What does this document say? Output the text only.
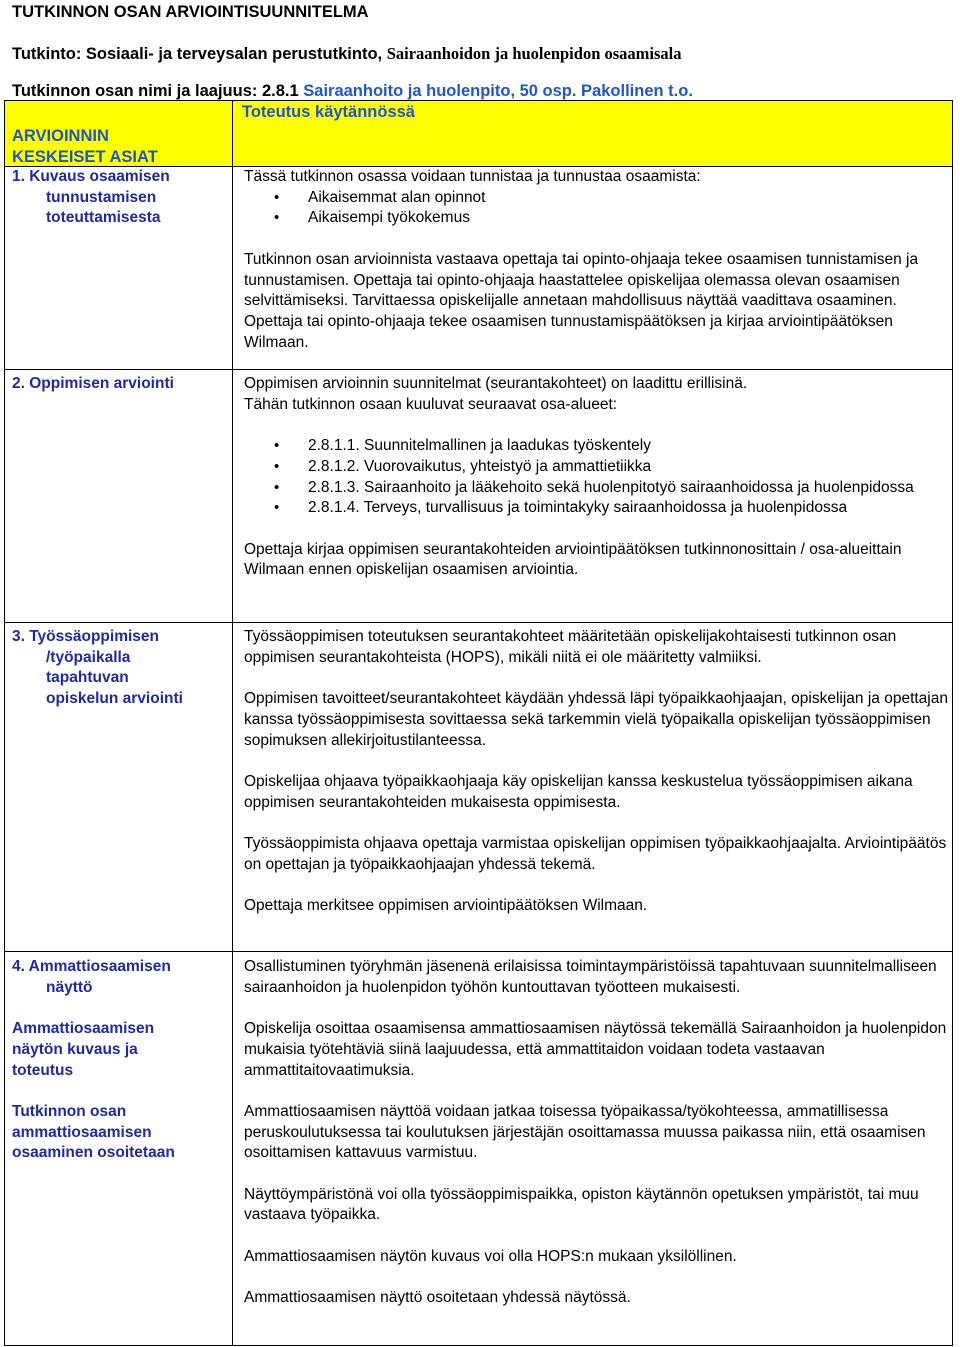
TUTKINNON OSAN ARVIOINTISUUNNITELMA
Tutkinto: Sosiaali- ja terveysalan perustutkinto, Sairaanhoidon ja huolenpidon osaamisala
Tutkinnon osan nimi ja laajuus: 2.8.1 Sairaanhoito ja huolenpito, 50 osp. Pakollinen t.o.
ARVIOINNIN
KESKEISET ASIAT
Toteutus käytännössä
1. Kuvaus osaamisen
tunnustamisen
toteuttamisesta
Tässä tutkinnon osassa voidaan tunnistaa ja tunnustaa osaamista:
• Aikaisemmat alan opinnot
• Aikaisempi työkokemus
Tutkinnon osan arvioinnista vastaava opettaja tai opinto-ohjaaja tekee osaamisen tunnistamisen ja tunnustamisen. Opettaja tai opinto-ohjaaja haastattelee opiskelijaa olemassa olevan osaamisen selvittämiseksi. Tarvittaessa opiskelijalle annetaan mahdollisuus näyttää vaadittava osaaminen. Opettaja tai opinto-ohjaaja tekee osaamisen tunnustamispäätöksen ja kirjaa arviointipäätöksen Wilmaan.
2. Oppimisen arviointi	Oppimisen arvioinnin suunnitelmat (seurantakohteet) on laadittu erillisinä.
Tähän tutkinnon osaan kuuluvat seuraavat osa-alueet:
• 2.8.1.1. Suunnitelmallinen ja laadukas työskentely
• 2.8.1.2. Vuorovaikutus, yhteistyö ja ammattietiikka
• 2.8.1.3. Sairaanhoito ja lääkehoito sekä huolenpitotyö sairaanhoidossa ja huolenpidossa
• 2.8.1.4. Terveys, turvallisuus ja toimintakyky sairaanhoidossa ja huolenpidossa
Opettaja kirjaa oppimisen seurantakohteiden arviointipäätöksen tutkinnonosittain / osa-alueittain Wilmaan ennen opiskelijan osaamisen arviointia.
3. Työssäoppimisen
/työpaikalla
tapahtuvan
opiskelun arviointi
Työssäoppimisen toteutuksen seurantakohteet määritetään opiskelijakohtaisesti tutkinnon osan oppimisen seurantakohteista (HOPS), mikäli niitä ei ole määritetty valmiiksi.
Oppimisen tavoitteet/seurantakohteet käydään yhdessä läpi työpaikkaohjaajan, opiskelijan ja opettajan kanssa työssäoppimisesta sovittaessa sekä tarkemmin vielä työpaikalla opiskelijan työssäoppimisen sopimuksen allekirjoitustilanteessa.
Opiskelijaa ohjaava työpaikkaohjaaja käy opiskelijan kanssa keskustelua työssäoppimisen aikana oppimisen seurantakohteiden mukaisesta oppimisesta.
Työssäoppimista ohjaava opettaja varmistaa opiskelijan oppimisen työpaikkaohjaajalta. Arviointipäätös on opettajan ja työpaikkaohjaajan yhdessä tekemä.
Opettaja merkitsee oppimisen arviointipäätöksen Wilmaan.
4. Ammattiosaamisen
näyttö
Ammattiosaamisen
näytön kuvaus ja
toteutus
Tutkinnon osan
ammattiosaamisen
osaaminen osoitetaan
Osallistuminen työryhmän jäsenenä erilaisissa toimintaympäristöissä tapahtuvaan suunnitelmalliseen sairaanhoidon ja huolenpidon työhön kuntouttavan työotteen mukaisesti.
Opiskelija osoittaa osaamisensa ammattiosaamisen näytössä tekemällä Sairaanhoidon ja huolenpidon mukaisia työtehtäviä siinä laajuudessa, että ammattitaidon voidaan todeta vastaavan ammattitaitovaatimuksia.
Ammattiosaamisen näyttöä voidaan jatkaa toisessa työpaikassa/työkohteessa, ammatillisessa peruskoulutuksessa tai koulutuksen järjestäjän osoittamassa muussa paikassa niin, että osaamisen osoittamisen kattavuus varmistuu.
Näyttöympäristönä voi olla työssäoppimispaikka, opiston käytännön opetuksen ympäristöt, tai muu vastaava työpaikka.
Ammattiosaamisen näytön kuvaus voi olla HOPS:n mukaan yksilöllinen.
Ammattiosaamisen näyttö osoitetaan yhdessä näytössä.
